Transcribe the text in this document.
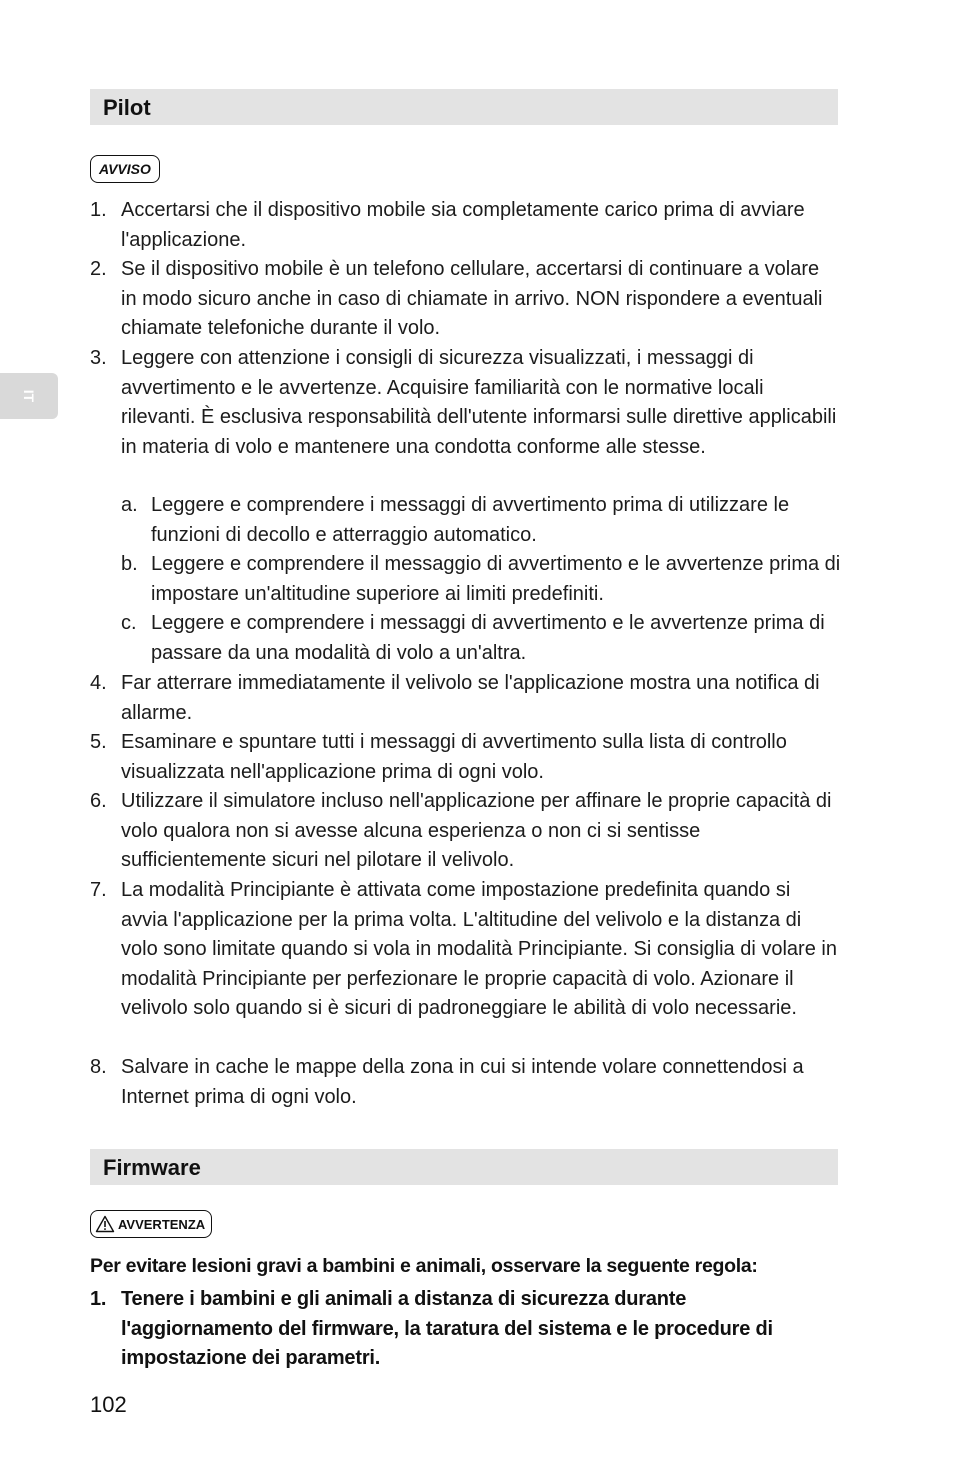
IT
Pilot
AVVISO
1. Accertarsi che il dispositivo mobile sia completamente carico prima di avviare l'applicazione.
2. Se il dispositivo mobile è un telefono cellulare, accertarsi di continuare a volare in modo sicuro anche in caso di chiamate in arrivo. NON rispondere a eventuali chiamate telefoniche durante il volo.
3. Leggere con attenzione i consigli di sicurezza visualizzati, i messaggi di avvertimento e le avvertenze. Acquisire familiarità con le normative locali rilevanti. È esclusiva responsabilità dell'utente informarsi sulle direttive applicabili in materia di volo e mantenere una condotta conforme alle stesse.
a. Leggere e comprendere i messaggi di avvertimento prima di utilizzare le funzioni di decollo e atterraggio automatico.
b. Leggere e comprendere il messaggio di avvertimento e le avvertenze prima di impostare un'altitudine superiore ai limiti predefiniti.
c. Leggere e comprendere i messaggi di avvertimento e le avvertenze prima di passare da una modalità di volo a un'altra.
4. Far atterrare immediatamente il velivolo se l'applicazione mostra una notifica di allarme.
5. Esaminare e spuntare tutti i messaggi di avvertimento sulla lista di controllo visualizzata nell'applicazione prima di ogni volo.
6. Utilizzare il simulatore incluso nell'applicazione per affinare le proprie capacità di volo qualora non si avesse alcuna esperienza o non ci si sentisse sufficientemente sicuri nel pilotare il velivolo.
7. La modalità Principiante è attivata come impostazione predefinita quando si avvia l'applicazione per la prima volta. L'altitudine del velivolo e la distanza di volo sono limitate quando si vola in modalità Principiante. Si consiglia di volare in modalità Principiante per perfezionare le proprie capacità di volo. Azionare il velivolo solo quando si è sicuri di padroneggiare le abilità di volo necessarie.
8. Salvare in cache le mappe della zona in cui si intende volare connettendosi a Internet prima di ogni volo.
Firmware
AVVERTENZA
Per evitare lesioni gravi a bambini e animali, osservare la seguente regola:
1. Tenere i bambini e gli animali a distanza di sicurezza durante l'aggiornamento del firmware, la taratura del sistema e le procedure di impostazione dei parametri.
102
